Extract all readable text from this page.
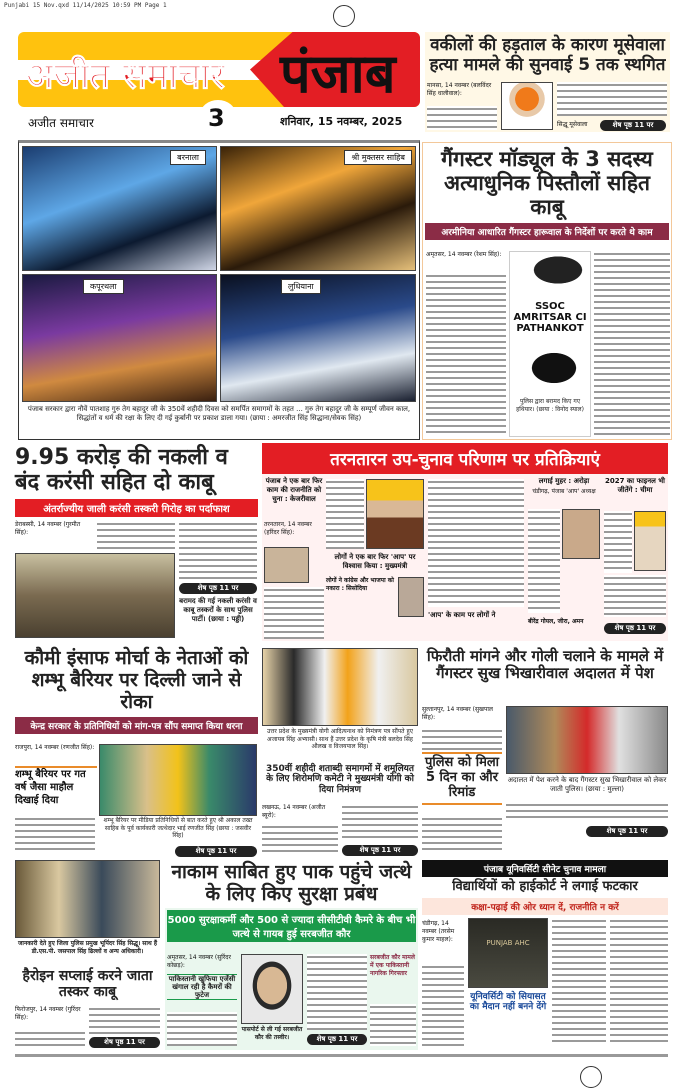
Punjabi 15 Nov.qxd 11/14/2025 10:59 PM Page 1
अजीत समाचार पंजाब
अजीत समाचार	3	शनिवार, 15 नवम्बर, 2025
वकीलों की हड़ताल के कारण मूसेवाला हत्या मामले की सुनवाई 5 तक स्थगित
मानसा, 14 नवम्बर (बलविंदर सिंह धालीवाल):
सिद्धू मूसेवाला	शेष पृष्ठ 11 पर
बरनाला	श्री मुक्तसर साहिब
कपूरथला	लुधियाना
पंजाब सरकार द्वारा नौवें पातशाह गुरु तेग बहादुर जी के 350वें शहीदी दिवस को समर्पित समागमों के तहत ... गुरु तेग बहादुर जी के सम्पूर्ण जीवन काल, सिद्धांतों व धर्म की रक्षा के लिए दी गई कुर्बानी पर प्रकाश डाला गया। (छाया : अमरजीत सिंह सिद्धाना/सेवक सिंह)
गैंगस्टर मॉड्यूल के 3 सदस्य अत्याधुनिक पिस्तौलों सहित काबू
अरमीनिया आधारित गैंगस्टर हारूवाल के निर्देशों पर करते थे काम
अमृतसर, 14 नवम्बर (रेशम सिंह):
SSOC AMRITSAR CI PATHANKOT
पुलिस द्वारा बरामद किए गए हथियार। (छाया : विनोद स्याल)
9.95 करोड़ की नकली व बंद करंसी सहित दो काबू
अंतर्राज्यीय जाली करंसी तस्करी गिरोह का पर्दाफाश
डेराबस्सी, 14 नवम्बर (गुरमीत सिंह):
शेष पृष्ठ 11 पर
बरामद की गई नकली करंसी व काबू तस्करों के साथ पुलिस पार्टी। (छाया : पड्डी)
तरनतारन उप-चुनाव परिणाम पर प्रतिक्रियाएं
पंजाब ने एक बार फिर काम की राजनीति को चुना : केजरीवाल
तरनतारन, 14 नवम्बर (हरिंदर सिंह):
लोगों ने एक बार फिर 'आप' पर विश्वास किया : मुख्यमंत्री
लोगों ने कांग्रेस और भाजपा को नकारा : सिसोदिया
'आप' के काम पर लोगों ने
लगाई मुहर : अरोड़ा
चंडीगढ़, पंजाब 'आप' अध्यक्ष
बीरेंद्र गोयल, जीरा, अमन
2027 का फाइनल भी जीतेंगे : चीमा
शेष पृष्ठ 11 पर
कौमी इंसाफ मोर्चा के नेताओं को शम्भू बैरियर पर दिल्ली जाने से रोका
केन्द्र सरकार के प्रतिनिधियों को मांग-पत्र सौंप समाप्त किया धरना
राजपुरा, 14 नवम्बर (रणजीत सिंह):
शम्भू बैरियर पर गत वर्ष जैसा माहौल दिखाई दिया
शम्भू बैरियर पर मीडिया प्रतिनिधियों से बात करते हुए श्री अकाल तख्त साहिब के पूर्व कार्यकारी जत्थेदार भाई रणजीत सिंह (छाया : जसवीर सिंह)
शेष पृष्ठ 11 पर
उत्तर प्रदेश के मुख्यमंत्री योगी आदित्यनाथ को निमंत्रण पत्र सौंपते हुए अजायब सिंह अभ्यासी। साथ हैं उत्तर प्रदेश के कृषि मंत्री बलदेव सिंह औलख व विजयपाल सिंह।
350वीं शहीदी शताब्दी समागमों में शमूलियत के लिए शिरोमणि कमेटी ने मुख्यमंत्री योगी को दिया निमंत्रण
लखनऊ, 14 नवम्बर (अजीत ब्यूरो):
शेष पृष्ठ 11 पर
फिरौती मांगने और गोली चलाने के मामले में गैंगस्टर सुख भिखारीवाल अदालत में पेश
सुल्तानपुर, 14 नवम्बर (सुखपाल सिंह):
पुलिस को मिला 5 दिन का और रिमांड
अदालत में पेश करने के बाद गैंगस्टर सुख भिखारीवाल को लेकर जाती पुलिस। (छाया : मुल्ला)
शेष पृष्ठ 11 पर
जानकारी देते हुए जिला पुलिस प्रमुख भूपिंदर सिंह सिद्धू। साथ हैं डी.एस.पी. जसपाल सिंह ढिल्लों व अन्य अधिकारी।
हैरोइन सप्लाई करने जाता तस्कर काबू
फिरोजपुर, 14 नवम्बर (गुरिंदर सिंह):
शेष पृष्ठ 11 पर
नाकाम साबित हुए पाक पहुंचे जत्थे के लिए किए सुरक्षा प्रबंध
5000 सुरक्षाकर्मी और 500 से ज्यादा सीसीटीवी कैमरे के बीच भी जत्थे से गायब हुई सरबजीत कौर
अमृतसर, 14 नवम्बर (सुरिंदर कोछड़):
पाकिस्तानी खुफिया एजेंसी खंगाल रही है कैमरों की फुटेज
पासपोर्ट से ली गई सरबजीत कौर की तस्वीर।	शेष पृष्ठ 11 पर
सरबजीत कौर मामले में एक पाकिस्तानी नागरिक गिरफ्तार
पंजाब यूनिवर्सिटी सीनेट चुनाव मामला
विद्यार्थियों को हाईकोर्ट ने लगाई फटकार
कक्षा-पढ़ाई की ओर ध्यान दें, राजनीति न करें
चंडीगढ़, 14 नवम्बर (तरसेम कुमार माहल):	PUNJAB AHC
यूनिवर्सिटी को सियासत का मैदान नहीं बनने देंगे
